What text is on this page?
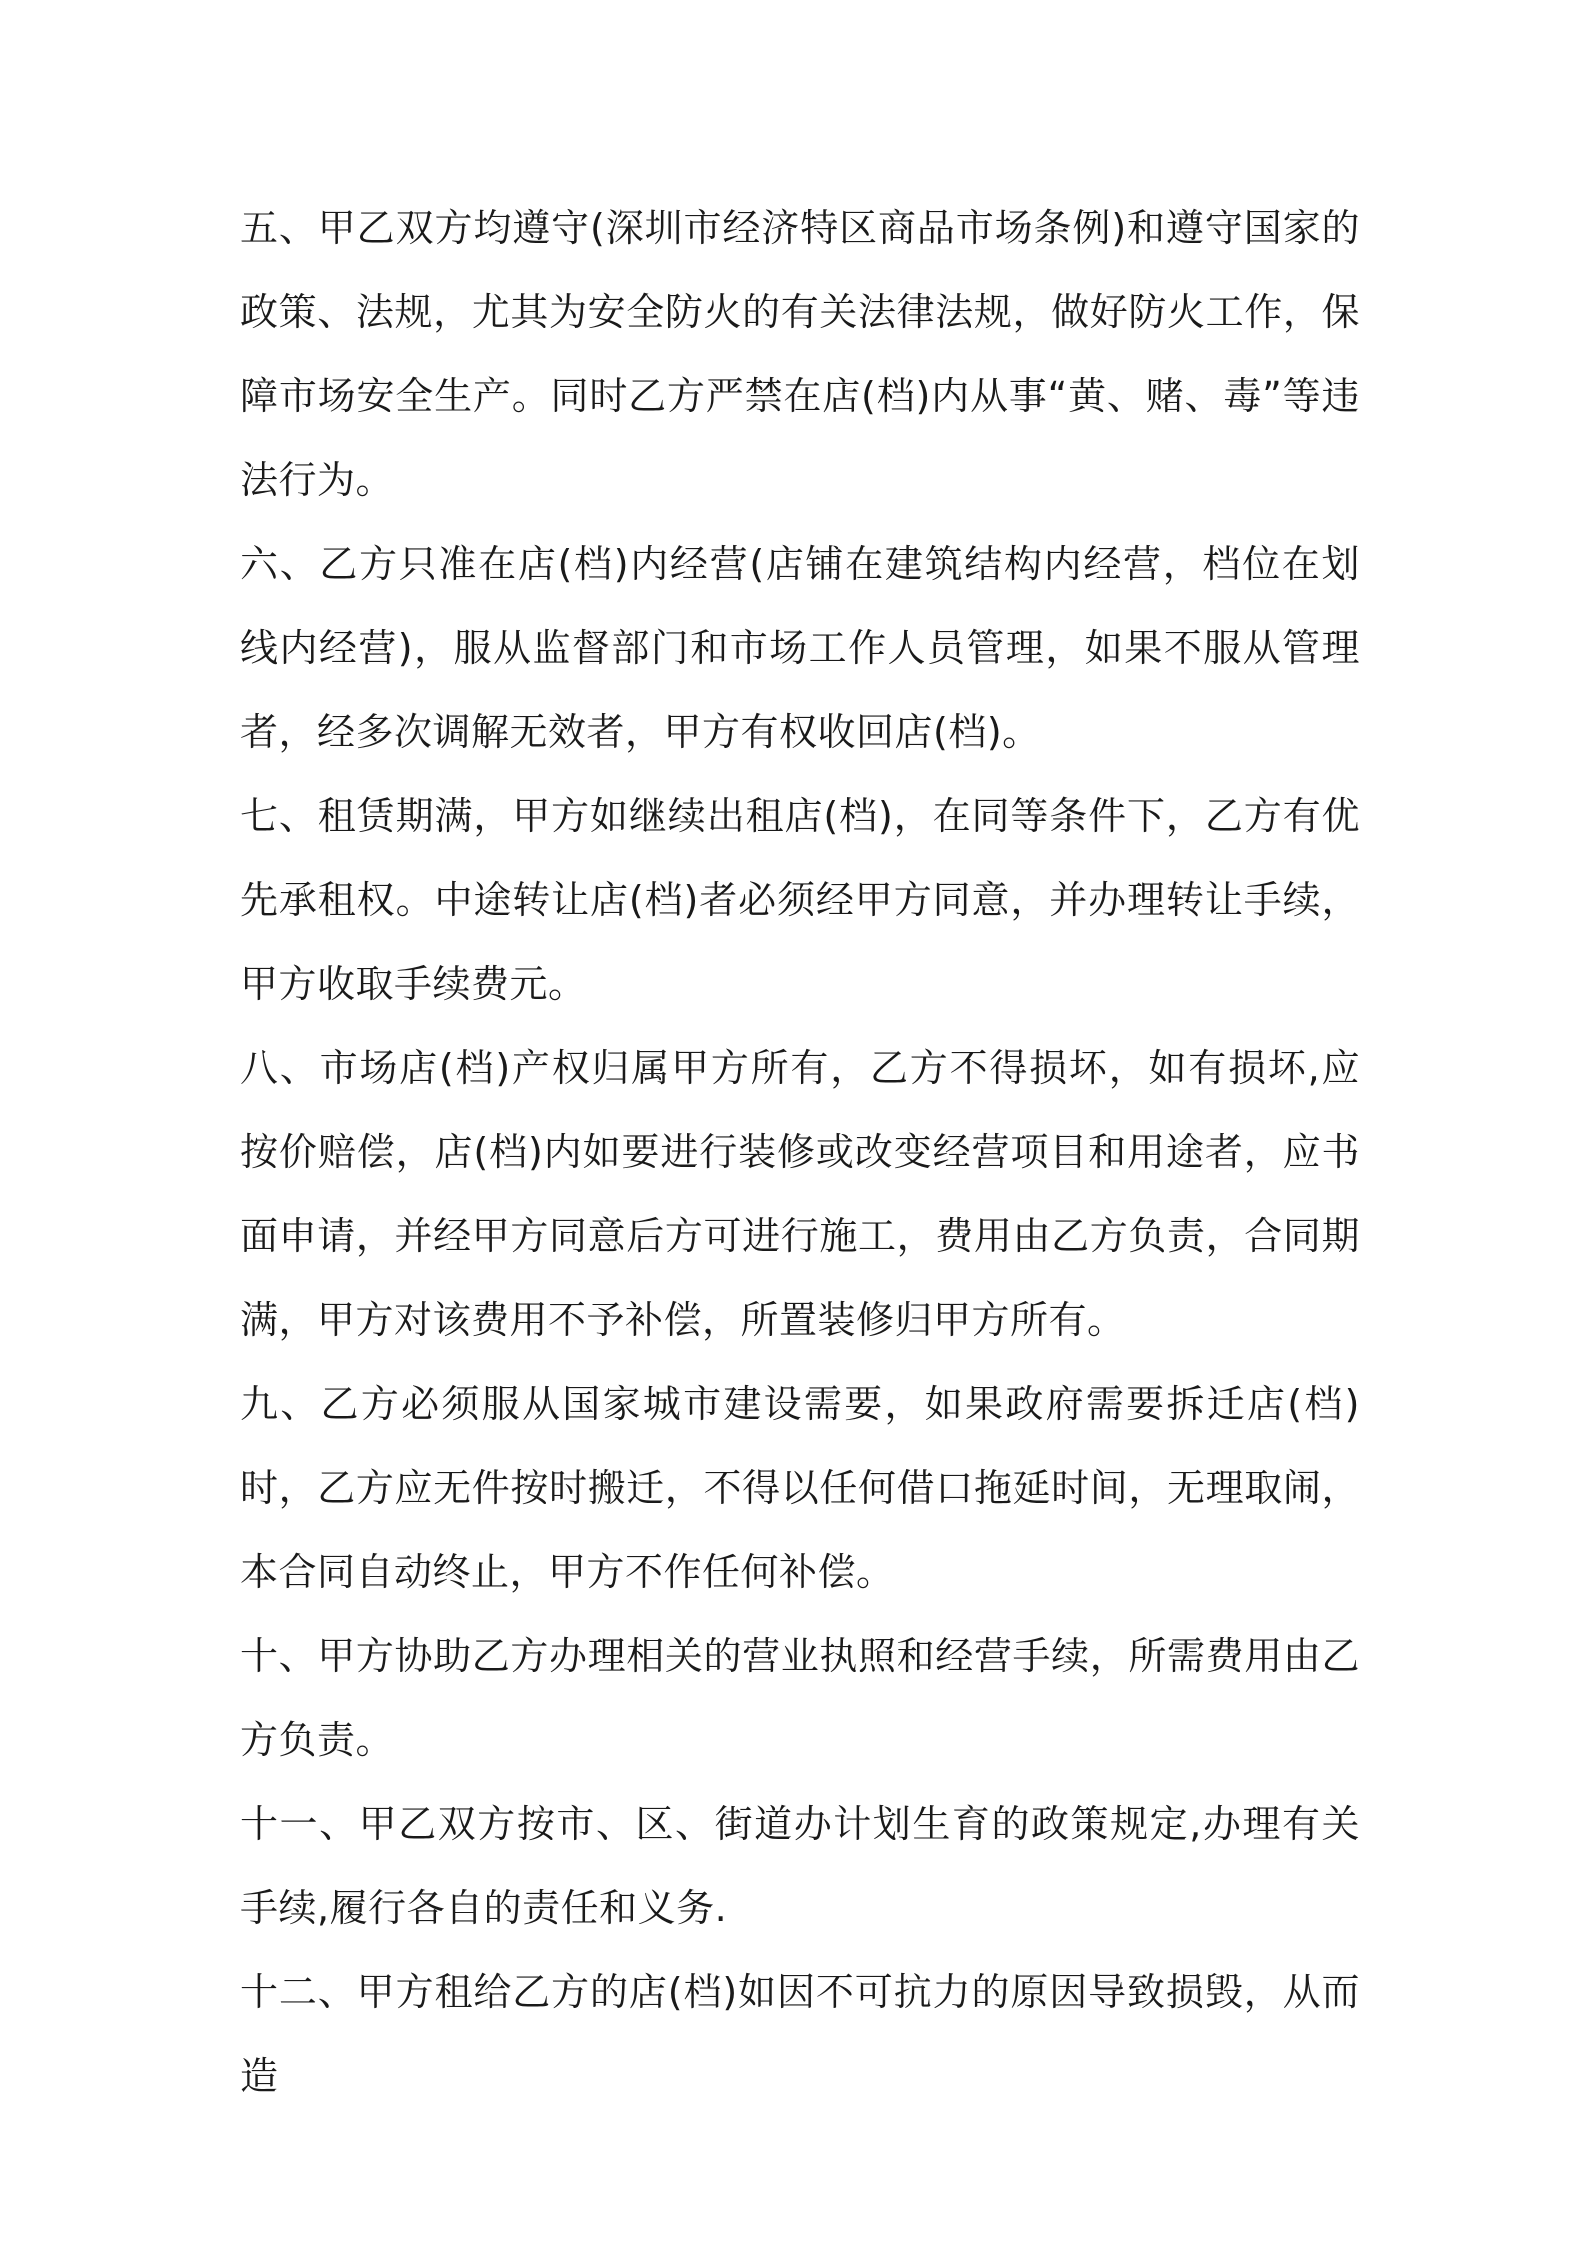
五、甲乙双方均遵守(深圳市经济特区商品市场条例)和遵守国家的政策、法规，尤其为安全防火的有关法律法规，做好防火工作，保障市场安全生产。同时乙方严禁在店(档)内从事“黄、赌、毒”等违法行为。

六、乙方只准在店(档)内经营(店铺在建筑结构内经营，档位在划线内经营)，服从监督部门和市场工作人员管理，如果不服从管理者，经多次调解无效者，甲方有权收回店(档)。

七、租赁期满，甲方如继续出租店(档)，在同等条件下，乙方有优先承租权。中途转让店(档)者必须经甲方同意，并办理转让手续，甲方收取手续费元。

八、市场店(档)产权归属甲方所有，乙方不得损坏，如有损坏,应按价赔偿，店(档)内如要进行装修或改变经营项目和用途者，应书面申请，并经甲方同意后方可进行施工，费用由乙方负责，合同期满，甲方对该费用不予补偿，所置装修归甲方所有。

九、乙方必须服从国家城市建设需要，如果政府需要拆迁店(档)时，乙方应无件按时搬迁，不得以任何借口拖延时间，无理取闹，本合同自动终止，甲方不作任何补偿。

十、甲方协助乙方办理相关的营业执照和经营手续，所需费用由乙方负责。

十一、甲乙双方按市、区、街道办计划生育的政策规定,办理有关手续,履行各自的责任和义务.

十二、甲方租给乙方的店(档)如因不可抗力的原因导致损毁，从而造
